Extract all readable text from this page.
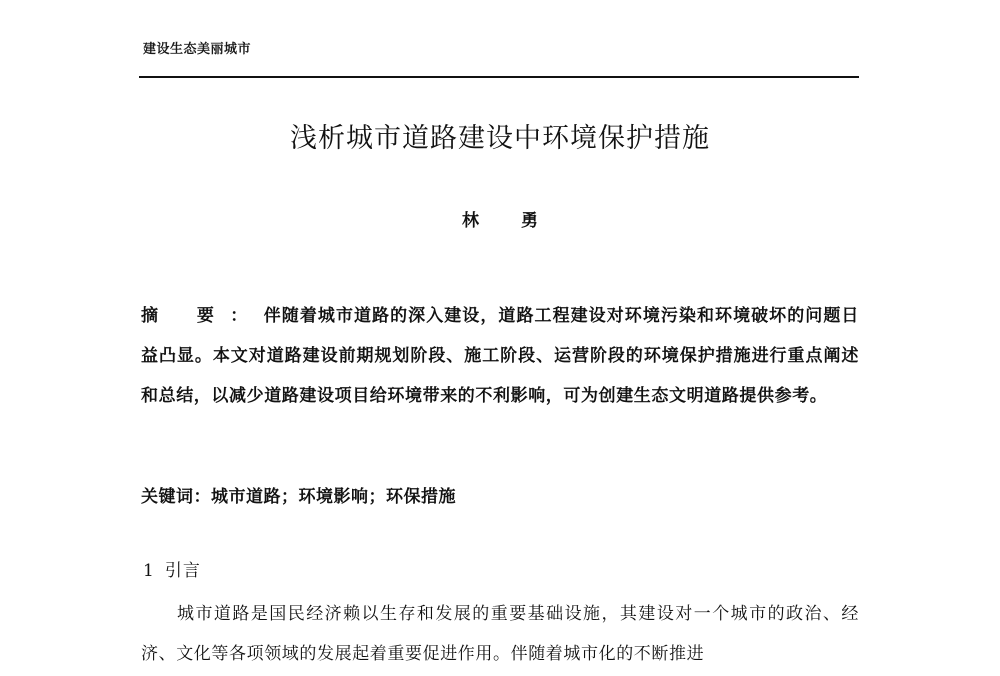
建设生态美丽城市
浅析城市道路建设中环境保护措施
林 勇
摘 要：伴随着城市道路的深入建设，道路工程建设对环境污染和环境破坏的问题日益凸显。本文对道路建设前期规划阶段、施工阶段、运营阶段的环境保护措施进行重点阐述和总结，以减少道路建设项目给环境带来的不利影响，可为创建生态文明道路提供参考。
关键词：城市道路；环境影响；环保措施
1 引言
城市道路是国民经济赖以生存和发展的重要基础设施，其建设对一个城市的政治、经济、文化等各项领域的发展起着重要促进作用。伴随着城市化的不断推进
